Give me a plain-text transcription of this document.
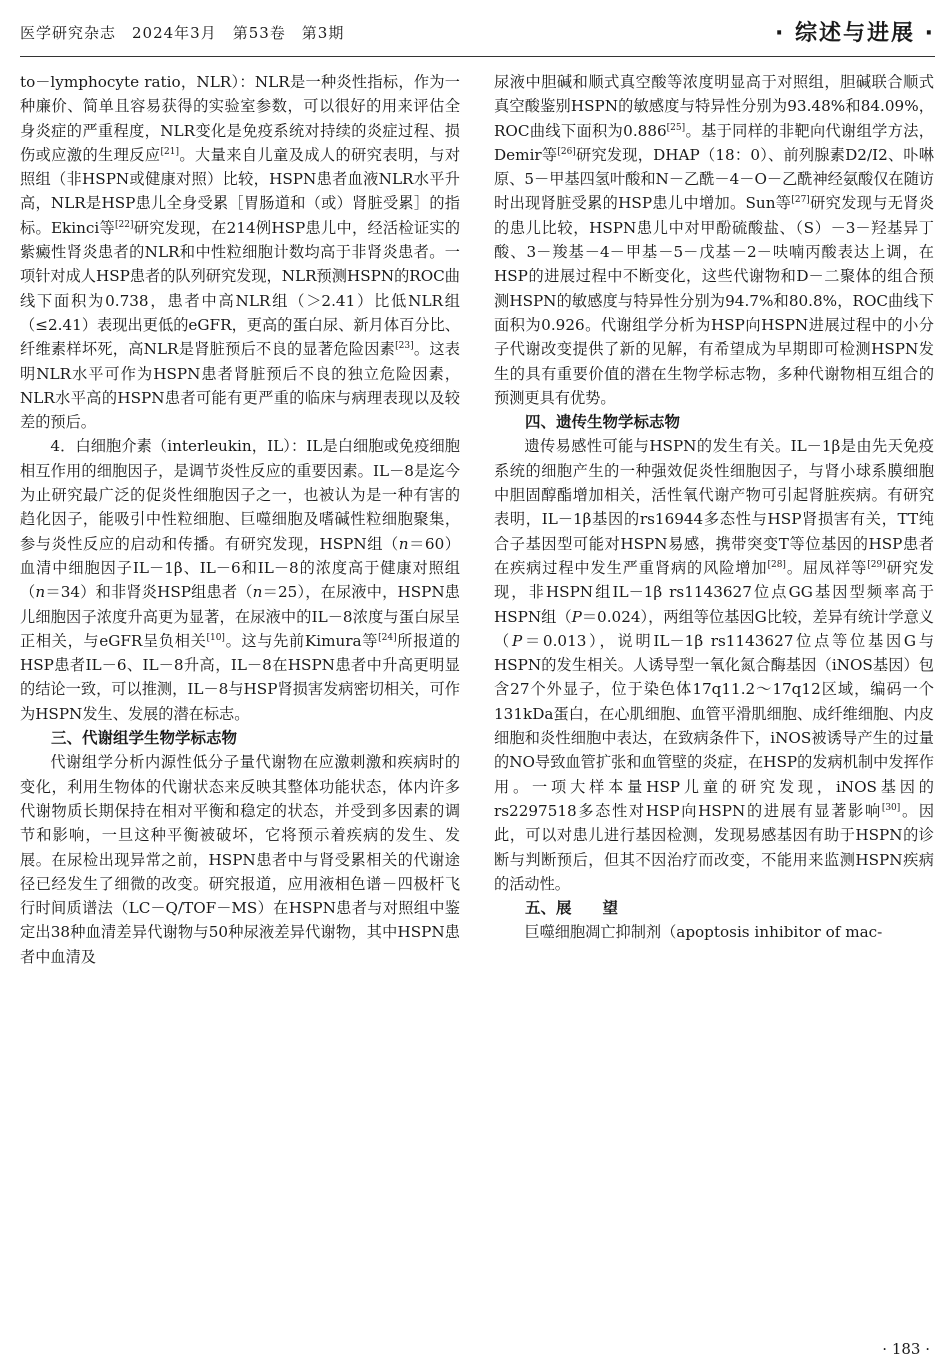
医学研究杂志　2024年3月　第53卷　第3期	· 综述与进展 ·

to－lymphocyte ratio，NLR）：NLR是一种炎性指标，作为一种廉价、简单且容易获得的实验室参数，可以很好的用来评估全身炎症的严重程度，NLR变化是免疫系统对持续的炎症过程、损伤或应激的生理反应[21]。大量来自儿童及成人的研究表明，与对照组（非HSPN或健康对照）比较，HSPN患者血液NLR水平升高，NLR是HSP患儿全身受累［胃肠道和（或）肾脏受累］的指标。Ekinci等[22]研究发现，在214例HSP患儿中，经活检证实的紫癜性肾炎患者的NLR和中性粒细胞计数均高于非肾炎患者。一项针对成人HSP患者的队列研究发现，NLR预测HSPN的ROC曲线下面积为0.738，患者中高NLR组（＞2.41）比低NLR组（≤2.41）表现出更低的eGFR，更高的蛋白尿、新月体百分比、纤维素样坏死，高NLR是肾脏预后不良的显著危险因素[23]。这表明NLR水平可作为HSPN患者肾脏预后不良的独立危险因素，NLR水平高的HSPN患者可能有更严重的临床与病理表现以及较差的预后。

4．白细胞介素（interleukin，IL）：IL是白细胞或免疫细胞相互作用的细胞因子，是调节炎性反应的重要因素。IL－8是迄今为止研究最广泛的促炎性细胞因子之一，也被认为是一种有害的趋化因子，能吸引中性粒细胞、巨噬细胞及嗜碱性粒细胞聚集，参与炎性反应的启动和传播。有研究发现，HSPN组（n＝60）血清中细胞因子IL－1β、IL－6和IL－8的浓度高于健康对照组（n＝34）和非肾炎HSP组患者（n＝25），在尿液中，HSPN患儿细胞因子浓度升高更为显著，在尿液中的IL－8浓度与蛋白尿呈正相关，与eGFR呈负相关[10]。这与先前Kimura等[24]所报道的HSP患者IL－6、IL－8升高，IL－8在HSPN患者中升高更明显的结论一致，可以推测，IL－8与HSP肾损害发病密切相关，可作为HSPN发生、发展的潜在标志。

三、代谢组学生物学标志物

代谢组学分析内源性低分子量代谢物在应激刺激和疾病时的变化，利用生物体的代谢状态来反映其整体功能状态，体内许多代谢物质长期保持在相对平衡和稳定的状态，并受到多因素的调节和影响，一旦这种平衡被破坏，它将预示着疾病的发生、发展。在尿检出现异常之前，HSPN患者中与肾受累相关的代谢途径已经发生了细微的改变。研究报道，应用液相色谱－四极杆飞行时间质谱法（LC－Q/TOF－MS）在HSPN患者与对照组中鉴定出38种血清差异代谢物与50种尿液差异代谢物，其中HSPN患者中血清及

尿液中胆碱和顺式真空酸等浓度明显高于对照组，胆碱联合顺式真空酸鉴别HSPN的敏感度与特异性分别为93.48%和84.09%，ROC曲线下面积为0.886[25]。基于同样的非靶向代谢组学方法，Demir等[26]研究发现，DHAP（18：0）、前列腺素D2/I2、卟啉原、5－甲基四氢叶酸和N－乙酰－4－O－乙酰神经氨酸仅在随访时出现肾脏受累的HSP患儿中增加。Sun等[27]研究发现与无肾炎的患儿比较，HSPN患儿中对甲酚硫酸盐、（S）－3－羟基异丁酸、3－羧基－4－甲基－5－戊基－2－呋喃丙酸表达上调，在HSP的进展过程中不断变化，这些代谢物和D－二聚体的组合预测HSPN的敏感度与特异性分别为94.7%和80.8%，ROC曲线下面积为0.926。代谢组学分析为HSP向HSPN进展过程中的小分子代谢改变提供了新的见解，有希望成为早期即可检测HSPN发生的具有重要价值的潜在生物学标志物，多种代谢物相互组合的预测更具有优势。

四、遗传生物学标志物

遗传易感性可能与HSPN的发生有关。IL－1β是由先天免疫系统的细胞产生的一种强效促炎性细胞因子，与肾小球系膜细胞中胆固醇酯增加相关，活性氧代谢产物可引起肾脏疾病。有研究表明，IL－1β基因的rs16944多态性与HSP肾损害有关，TT纯合子基因型可能对HSPN易感，携带突变T等位基因的HSP患者在疾病过程中发生严重肾病的风险增加[28]。屈凤祥等[29]研究发现，非HSPN组IL－1β rs1143627位点GG基因型频率高于HSPN组（P＝0.024），两组等位基因G比较，差异有统计学意义（P＝0.013），说明IL－1β rs1143627位点等位基因G与HSPN的发生相关。人诱导型一氧化氮合酶基因（iNOS基因）包含27个外显子，位于染色体17q11.2～17q12区域，编码一个131kDa蛋白，在心肌细胞、血管平滑肌细胞、成纤维细胞、内皮细胞和炎性细胞中表达，在致病条件下，iNOS被诱导产生的过量的NO导致血管扩张和血管壁的炎症，在HSP的发病机制中发挥作用。一项大样本量HSP儿童的研究发现，iNOS基因的rs2297518多态性对HSP向HSPN的进展有显著影响[30]。因此，可以对患儿进行基因检测，发现易感基因有助于HSPN的诊断与判断预后，但其不因治疗而改变，不能用来监测HSPN疾病的活动性。

五、展　　望

巨噬细胞凋亡抑制剂（apoptosis inhibitor of mac-

· 183 ·
